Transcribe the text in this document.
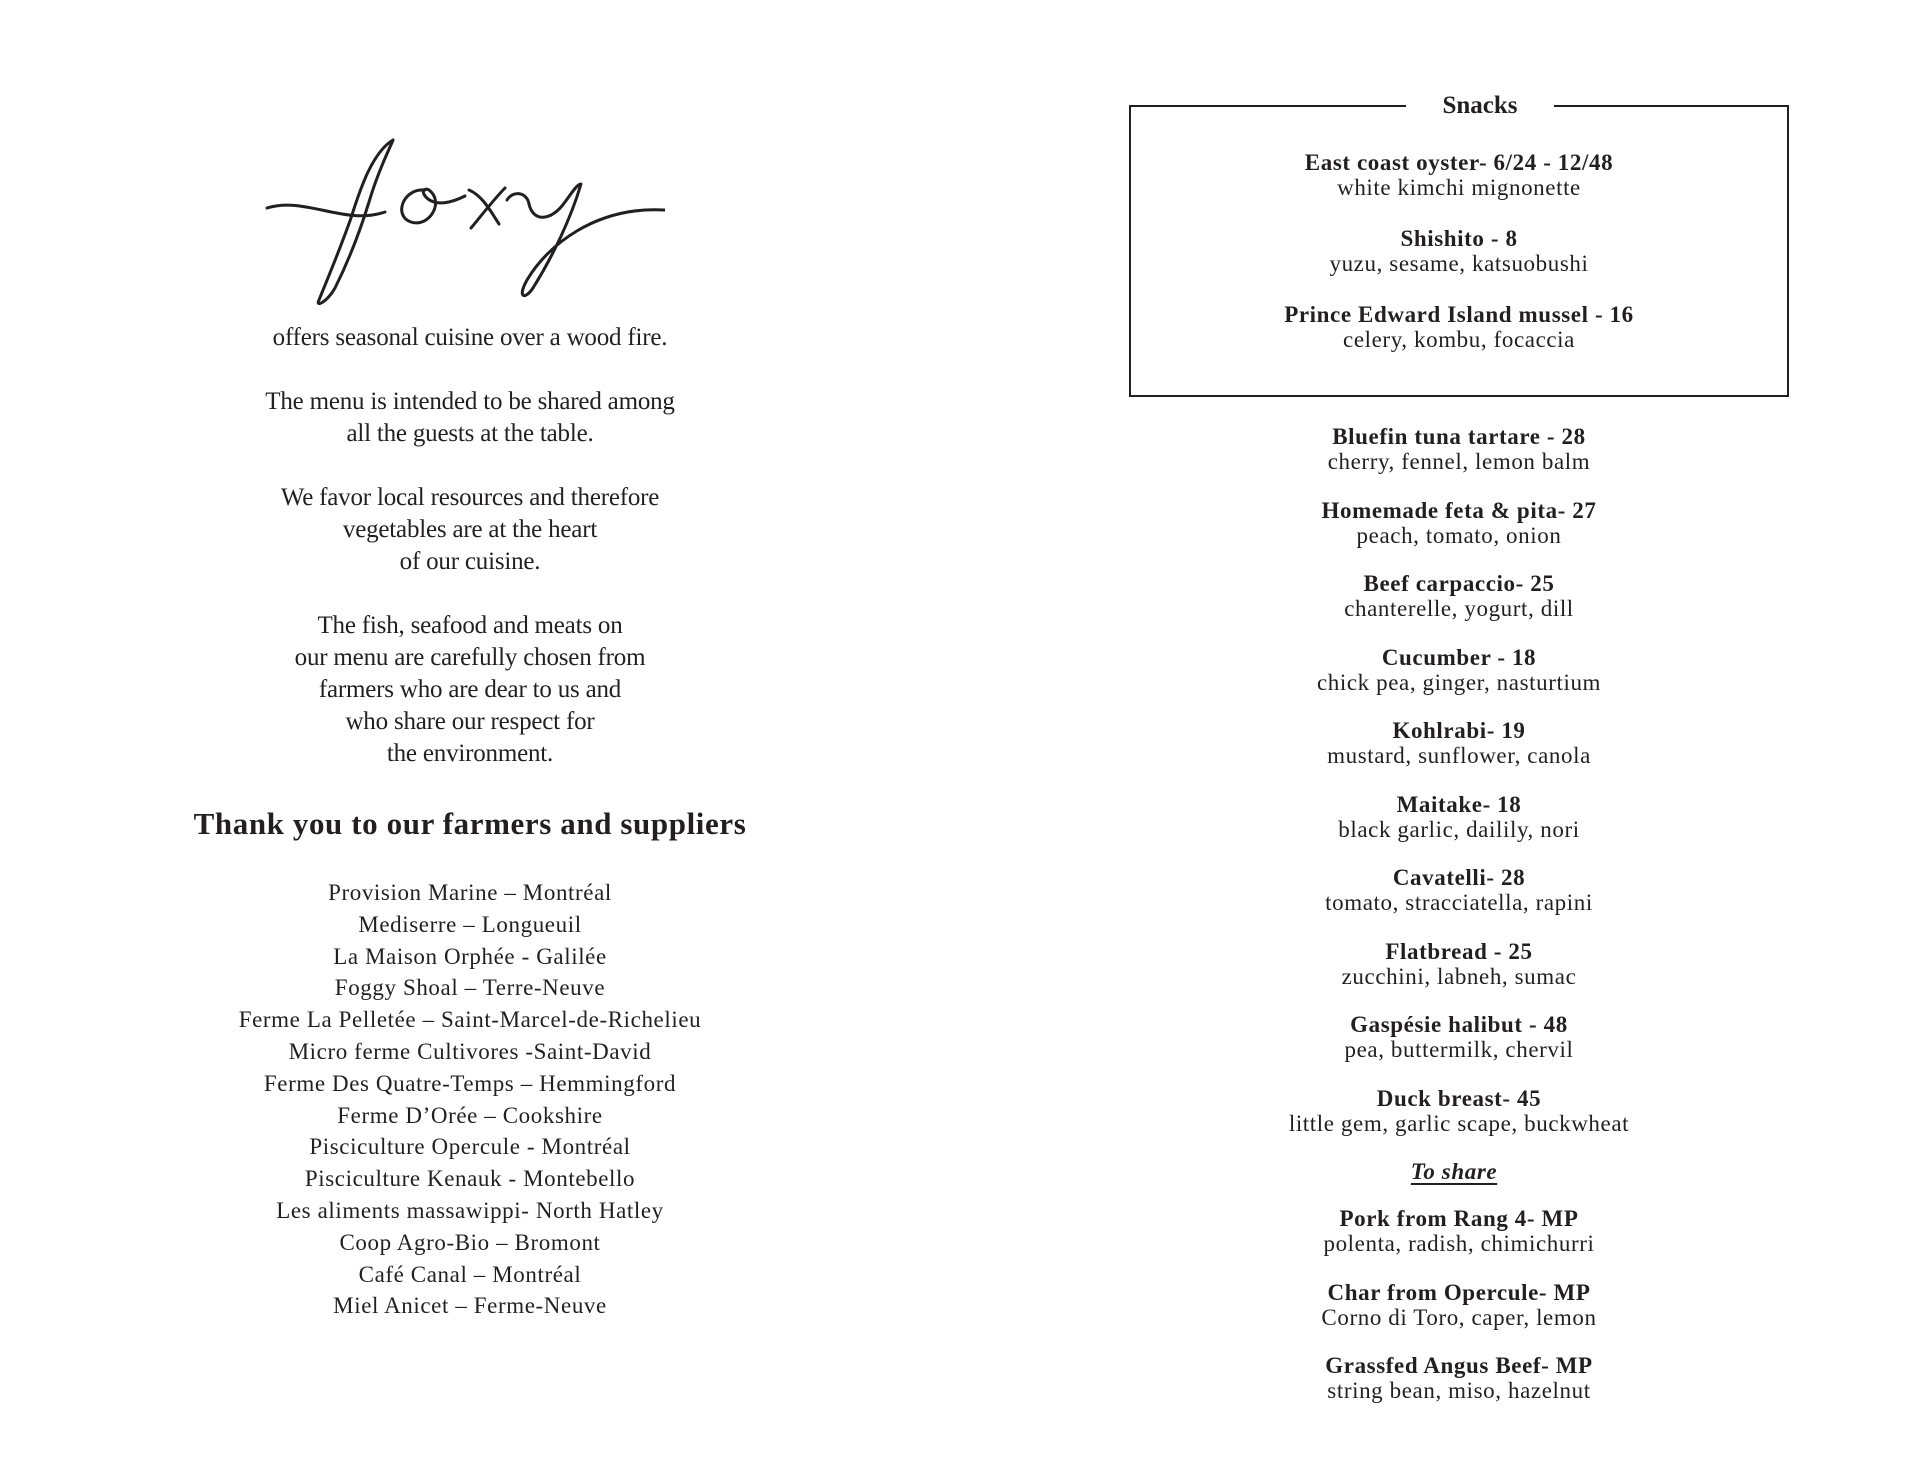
offers seasonal cuisine over a wood fire.

The menu is intended to be shared among
all the guests at the table.

We favor local resources and therefore
vegetables are at the heart
of our cuisine.

The fish, seafood and meats on
our menu are carefully chosen from
farmers who are dear to us and
who share our respect for
the environment.

Thank you to our farmers and suppliers
Provision Marine – Montréal
Mediserre – Longueuil
La Maison Orphée - Galilée
Foggy Shoal – Terre-Neuve
Ferme La Pelletée – Saint-Marcel-de-Richelieu
Micro ferme Cultivores -Saint-David
Ferme Des Quatre-Temps – Hemmingford
Ferme D’Orée – Cookshire
Pisciculture Opercule - Montréal
Pisciculture Kenauk - Montebello
Les aliments massawippi- North Hatley
Coop Agro-Bio – Bromont
Café Canal – Montréal
Miel Anicet – Ferme-Neuve
Snacks
East coast oyster- 6/24 - 12/48
white kimchi mignonette
Shishito - 8
yuzu, sesame, katsuobushi
Prince Edward Island mussel - 16
celery, kombu, focaccia
Bluefin tuna tartare - 28
cherry, fennel, lemon balm
Homemade feta & pita- 27
peach, tomato, onion
Beef carpaccio- 25
chanterelle, yogurt, dill
Cucumber - 18
chick pea, ginger, nasturtium
Kohlrabi- 19
mustard, sunflower, canola
Maitake- 18
black garlic, dailily, nori
Cavatelli- 28
tomato, stracciatella, rapini
Flatbread - 25
zucchini, labneh, sumac
Gaspésie halibut - 48
pea, buttermilk, chervil
Duck breast- 45
little gem, garlic scape, buckwheat
To share
Pork from Rang 4- MP
polenta, radish, chimichurri
Char from Opercule- MP
Corno di Toro, caper, lemon
Grassfed Angus Beef- MP
string bean, miso, hazelnut
